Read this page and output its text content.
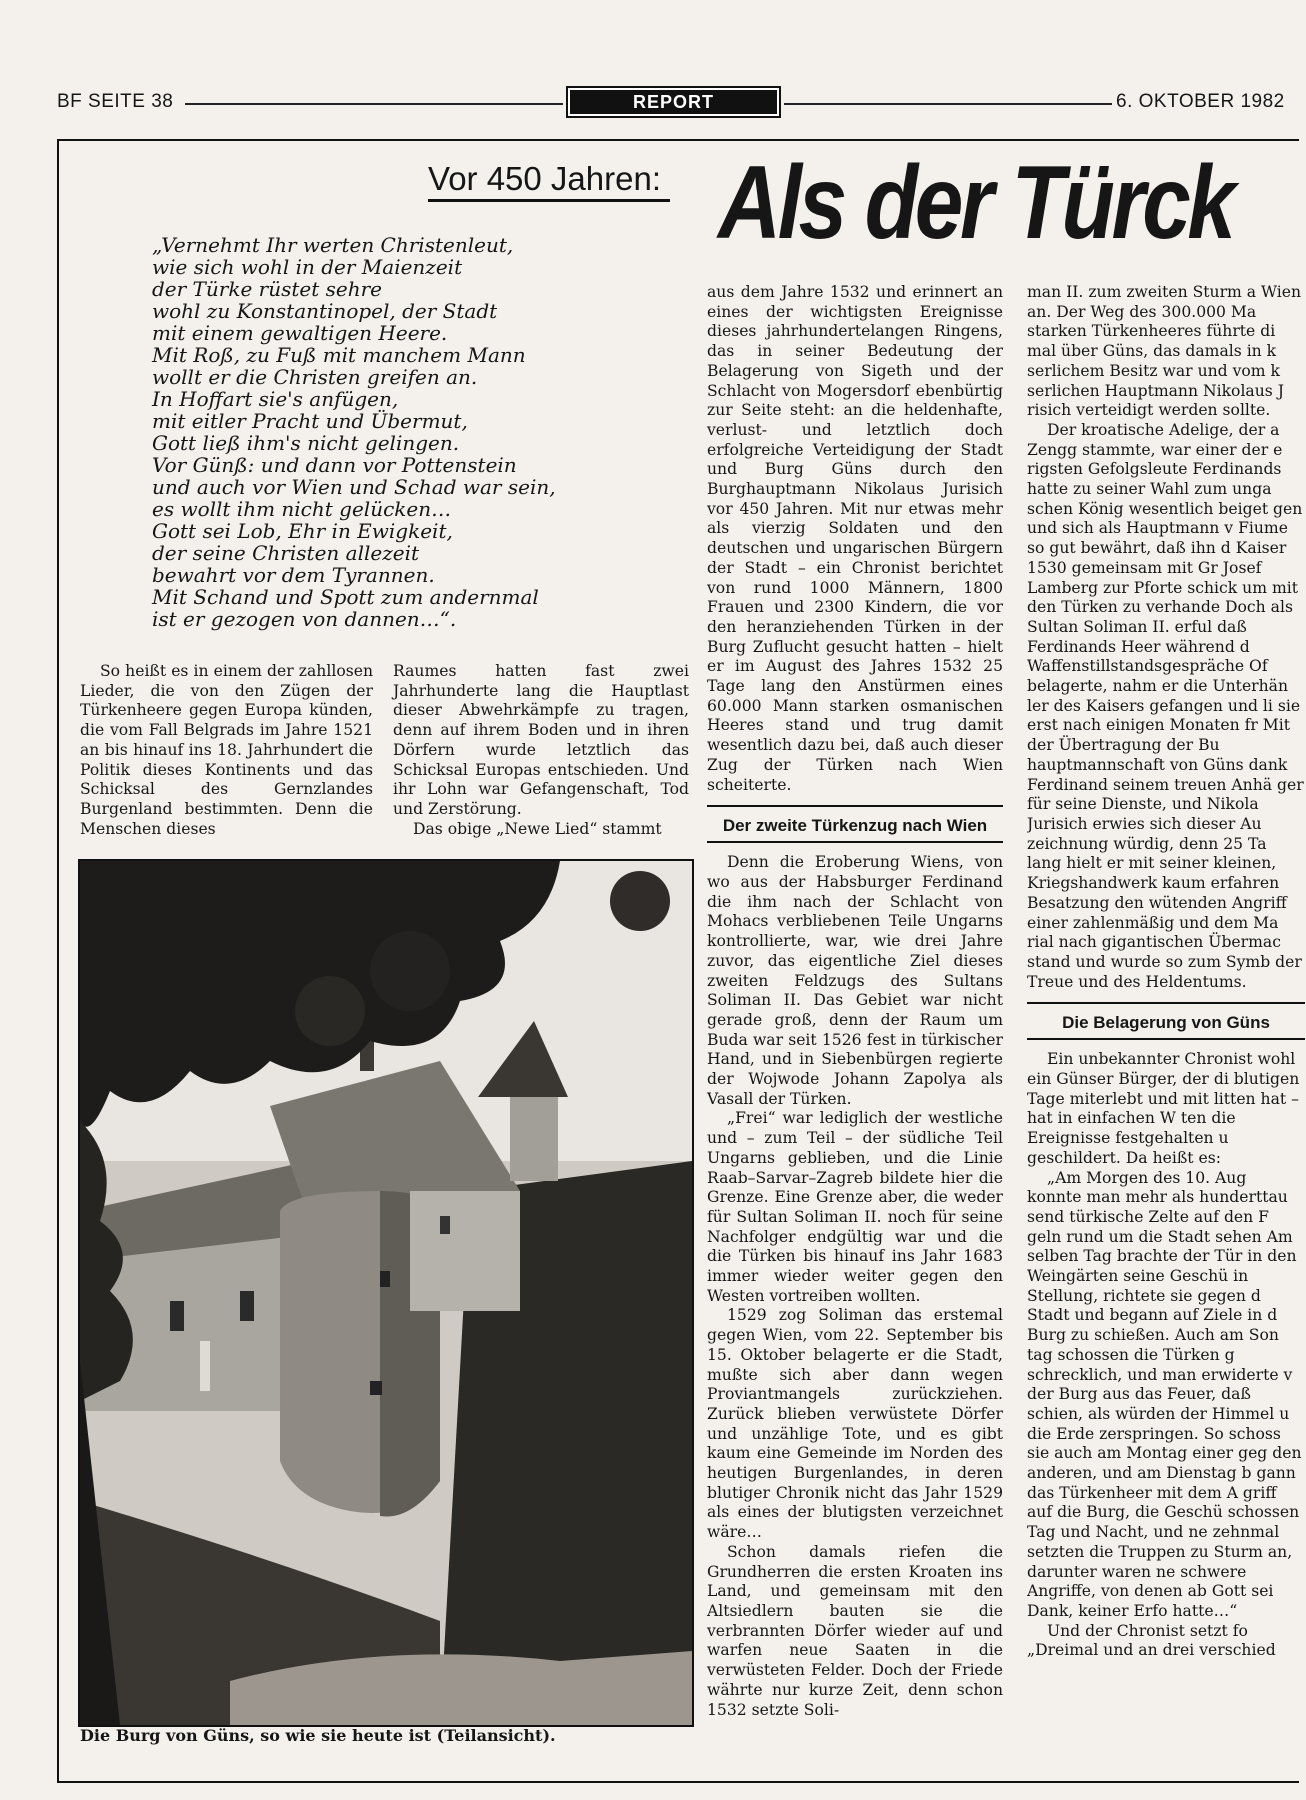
BF SEITE 38	REPORT	6. OKTOBER 1982
Vor 450 Jahren: Als der Türck
„Vernehmt Ihr werten Christenleut,
wie sich wohl in der Maienzeit
der Türke rüstet sehre
wohl zu Konstantinopel, der Stadt
mit einem gewaltigen Heere.
Mit Roß, zu Fuß mit manchem Mann
wollt er die Christen greifen an.
In Hoffart sie's anfügen,
mit eitler Pracht und Übermut,
Gott ließ ihm's nicht gelingen.
Vor Günß: und dann vor Pottenstein
und auch vor Wien und Schad war sein,
es wollt ihm nicht gelücken…
Gott sei Lob, Ehr in Ewigkeit,
der seine Christen allezeit
bewahrt vor dem Tyrannen.
Mit Schand und Spott zum andernmal
ist er gezogen von dannen…“.

So heißt es in einem der zahllosen Lieder, die von den Zügen der Türkenheere gegen Europa künden, die vom Fall Belgrads im Jahre 1521 an bis hinauf ins 18. Jahrhundert die Politik dieses Kontinents und das Schicksal des Gernzlandes Burgenland bestimmten. Denn die Menschen dieses

Raumes hatten fast zwei Jahrhunderte lang die Hauptlast dieser Abwehrkämpfe zu tragen, denn auf ihrem Boden und in ihren Dörfern wurde letztlich das Schicksal Europas entschieden. Und ihr Lohn war Gefangenschaft, Tod und Zerstörung.

Das obige „Newe Lied“ stammt

Die Burg von Güns, so wie sie heute ist (Teilansicht).

aus dem Jahre 1532 und erinnert an eines der wichtigsten Ereignisse dieses jahrhundertelangen Ringens, das in seiner Bedeutung der Belagerung von Sigeth und der Schlacht von Mogersdorf ebenbürtig zur Seite steht: an die heldenhafte, verlust- und letztlich doch erfolgreiche Verteidigung der Stadt und Burg Güns durch den Burghauptmann Nikolaus Jurisich vor 450 Jahren. Mit nur etwas mehr als vierzig Soldaten und den deutschen und ungarischen Bürgern der Stadt – ein Chronist berichtet von rund 1000 Männern, 1800 Frauen und 2300 Kindern, die vor den heranziehenden Türken in der Burg Zuflucht gesucht hatten – hielt er im August des Jahres 1532 25 Tage lang den Anstürmen eines 60.000 Mann starken osmanischen Heeres stand und trug damit wesentlich dazu bei, daß auch dieser Zug der Türken nach Wien scheiterte.

Der zweite Türkenzug nach Wien

Denn die Eroberung Wiens, von wo aus der Habsburger Ferdinand die ihm nach der Schlacht von Mohacs verbliebenen Teile Ungarns kontrollierte, war, wie drei Jahre zuvor, das eigentliche Ziel dieses zweiten Feldzugs des Sultans Soliman II. Das Gebiet war nicht gerade groß, denn der Raum um Buda war seit 1526 fest in türkischer Hand, und in Siebenbürgen regierte der Wojwode Johann Zapolya als Vasall der Türken.

„Frei“ war lediglich der westliche und – zum Teil – der südliche Teil Ungarns geblieben, und die Linie Raab–Sarvar–Zagreb bildete hier die Grenze. Eine Grenze aber, die weder für Sultan Soliman II. noch für seine Nachfolger endgültig war und die die Türken bis hinauf ins Jahr 1683 immer wieder weiter gegen den Westen vortreiben wollten.

1529 zog Soliman das erstemal gegen Wien, vom 22. September bis 15. Oktober belagerte er die Stadt, mußte sich aber dann wegen Proviantmangels zurückziehen. Zurück blieben verwüstete Dörfer und unzählige Tote, und es gibt kaum eine Gemeinde im Norden des heutigen Burgenlandes, in deren blutiger Chronik nicht das Jahr 1529 als eines der blutigsten verzeichnet wäre…

Schon damals riefen die Grundherren die ersten Kroaten ins Land, und gemeinsam mit den Altsiedlern bauten sie die verbrannten Dörfer wieder auf und warfen neue Saaten in die verwüsteten Felder. Doch der Friede währte nur kurze Zeit, denn schon 1532 setzte Soli-

man II. zum zweiten Sturm a Wien an. Der Weg des 300.000 Ma starken Türkenheeres führte di mal über Güns, das damals in k serlichem Besitz war und vom k serlichen Hauptmann Nikolaus J risich verteidigt werden sollte.

Der kroatische Adelige, der a Zengg stammte, war einer der e rigsten Gefolgsleute Ferdinands hatte zu seiner Wahl zum unga schen König wesentlich beiget gen und sich als Hauptmann v Fiume so gut bewährt, daß ihn d Kaiser 1530 gemeinsam mit Gr Josef Lamberg zur Pforte schick um mit den Türken zu verhande Doch als Sultan Soliman II. erful daß Ferdinands Heer während d Waffenstillstandsgespräche Of belagerte, nahm er die Unterhän ler des Kaisers gefangen und li sie erst nach einigen Monaten fr Mit der Übertragung der Bu hauptmannschaft von Güns dank Ferdinand seinem treuen Anhä ger für seine Dienste, und Nikola Jurisich erwies sich dieser Au zeichnung würdig, denn 25 Ta lang hielt er mit seiner kleinen, Kriegshandwerk kaum erfahren Besatzung den wütenden Angriff einer zahlenmäßig und dem Ma rial nach gigantischen Übermac stand und wurde so zum Symb der Treue und des Heldentums.

Die Belagerung von Güns

Ein unbekannter Chronist wohl ein Günser Bürger, der di blutigen Tage miterlebt und mit litten hat – hat in einfachen W ten die Ereignisse festgehalten u geschildert. Da heißt es:

„Am Morgen des 10. Aug konnte man mehr als hunderttau send türkische Zelte auf den F geln rund um die Stadt sehen Am selben Tag brachte der Tür in den Weingärten seine Geschü in Stellung, richtete sie gegen d Stadt und begann auf Ziele in d Burg zu schießen. Auch am Son tag schossen die Türken g schrecklich, und man erwiderte v der Burg aus das Feuer, daß schien, als würden der Himmel u die Erde zerspringen. So schoss sie auch am Montag einer geg den anderen, und am Dienstag b gann das Türkenheer mit dem A griff auf die Burg, die Geschü schossen Tag und Nacht, und ne zehnmal setzten die Truppen zu Sturm an, darunter waren ne schwere Angriffe, von denen ab Gott sei Dank, keiner Erfo hatte…“

Und der Chronist setzt fo „Dreimal und an drei verschied
